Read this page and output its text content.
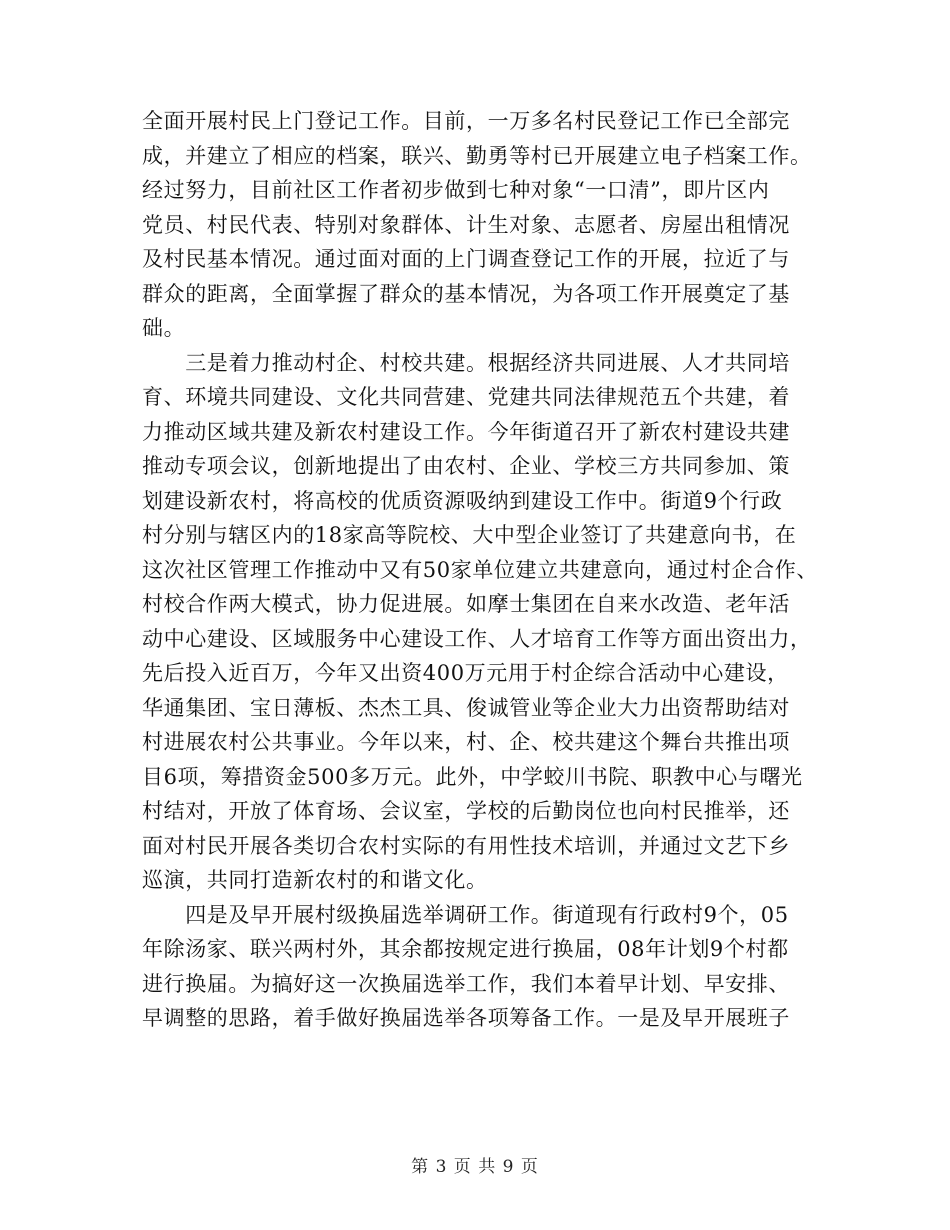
全面开展村民上门登记工作。目前，一万多名村民登记工作已全部完
成，并建立了相应的档案，联兴、勤勇等村已开展建立电子档案工作。
经过努力，目前社区工作者初步做到七种对象“一口清”，即片区内
党员、村民代表、特别对象群体、计生对象、志愿者、房屋出租情况
及村民基本情况。通过面对面的上门调查登记工作的开展，拉近了与
群众的距离，全面掌握了群众的基本情况，为各项工作开展奠定了基
础。
　　三是着力推动村企、村校共建。根据经济共同进展、人才共同培
育、环境共同建设、文化共同营建、党建共同法律规范五个共建，着
力推动区域共建及新农村建设工作。今年街道召开了新农村建设共建
推动专项会议，创新地提出了由农村、企业、学校三方共同参加、策
划建设新农村，将高校的优质资源吸纳到建设工作中。街道9个行政
村分别与辖区内的18家高等院校、大中型企业签订了共建意向书，在
这次社区管理工作推动中又有50家单位建立共建意向，通过村企合作、
村校合作两大模式，协力促进展。如摩士集团在自来水改造、老年活
动中心建设、区域服务中心建设工作、人才培育工作等方面出资出力，
先后投入近百万，今年又出资400万元用于村企综合活动中心建设，
华通集团、宝日薄板、杰杰工具、俊诚管业等企业大力出资帮助结对
村进展农村公共事业。今年以来，村、企、校共建这个舞台共推出项
目6项，筹措资金500多万元。此外，中学蛟川书院、职教中心与曙光
村结对，开放了体育场、会议室，学校的后勤岗位也向村民推举，还
面对村民开展各类切合农村实际的有用性技术培训，并通过文艺下乡
巡演，共同打造新农村的和谐文化。
　　四是及早开展村级换届选举调研工作。街道现有行政村9个，05
年除汤家、联兴两村外，其余都按规定进行换届，08年计划9个村都
进行换届。为搞好这一次换届选举工作，我们本着早计划、早安排、
早调整的思路，着手做好换届选举各项筹备工作。一是及早开展班子
第 3 页 共 9 页
